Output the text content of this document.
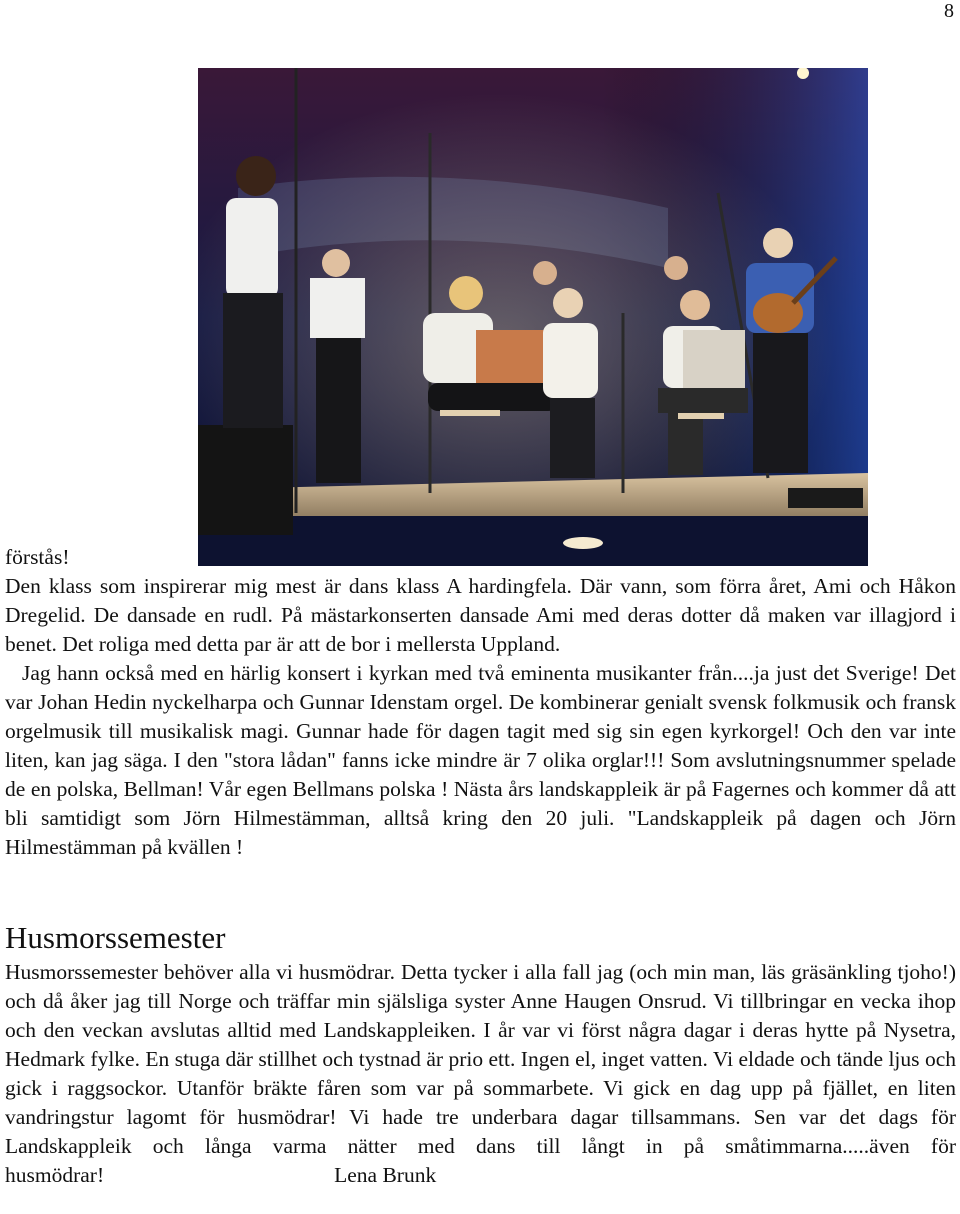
8

förstås!

Den klass som inspirerar mig mest är dans klass A hardingfela. Där vann, som förra året, Ami och Håkon Dregelid. De dansade en rudl. På mästarkonserten dansade Ami med deras dotter då maken var illagjord i benet. Det roliga med detta par är att de bor i mellersta Uppland.

Jag hann också med en härlig konsert i kyrkan med två eminenta musikanter från....ja just det Sverige! Det var Johan Hedin nyckelharpa och Gunnar Idenstam orgel. De kombinerar genialt svensk folkmusik och fransk orgelmusik till musikalisk magi. Gunnar hade för dagen tagit med sig sin egen kyrkorgel! Och den var inte liten, kan jag säga. I den "stora lådan" fanns icke mindre är 7 olika orglar!!! Som avslutningsnummer spelade de en polska, Bellman! Vår egen Bellmans polska ! Nästa års landskappleik är på Fagernes och kommer då att bli samtidigt som Jörn Hilmestämman, alltså kring den 20 juli. "Landskappleik på dagen och Jörn Hilmestämman på kvällen !

Husmorssemester

Husmorssemester behöver alla vi husmödrar. Detta tycker i alla fall jag (och min man, läs gräsänkling tjoho!) och då åker jag till Norge och träffar min själsliga syster Anne Haugen Onsrud. Vi tillbringar en vecka ihop och den veckan avslutas alltid med Landskappleiken. I år var vi först några dagar i deras hytte på Nysetra, Hedmark fylke. En stuga där stillhet och tystnad är prio ett. Ingen el, inget vatten. Vi eldade och tände ljus och gick i raggsockor. Utanför bräkte fåren som var på sommarbete. Vi gick en dag upp på fjället, en liten vandringstur lagomt för husmödrar! Vi hade tre underbara dagar tillsammans. Sen var det dags för Landskappleik och långa varma nätter med dans till långt in på småtimmarna.....även för husmödrar!	Lena Brunk
